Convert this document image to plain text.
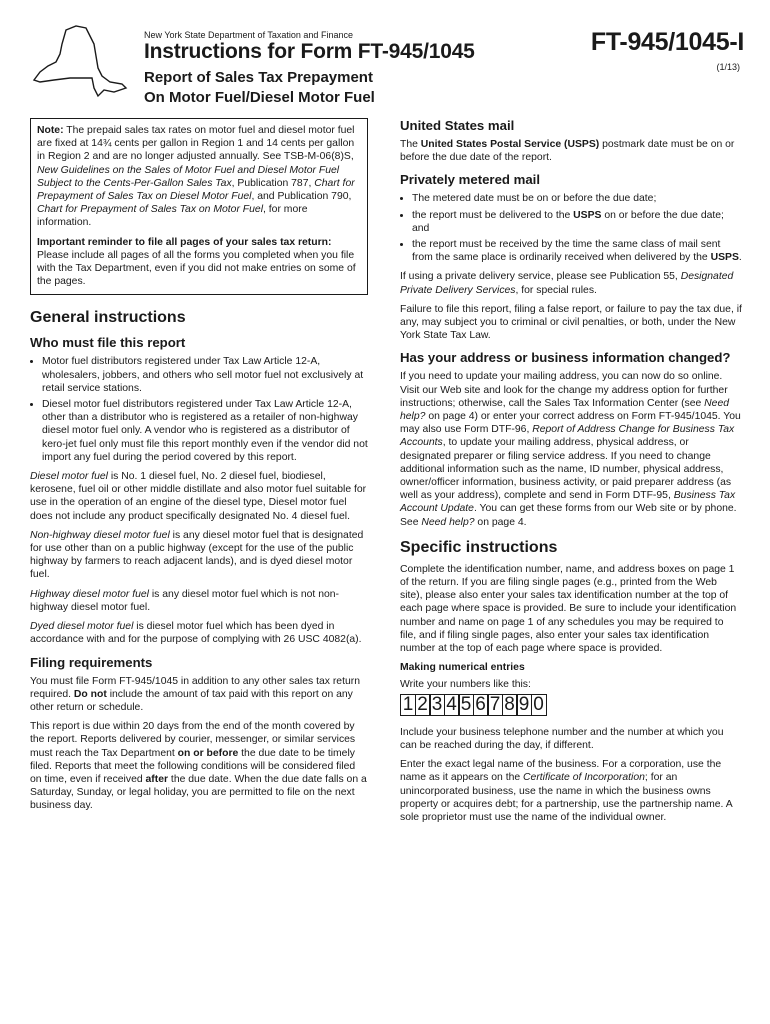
New York State Department of Taxation and Finance
Instructions for Form FT-945/1045
Report of Sales Tax Prepayment
On Motor Fuel/Diesel Motor Fuel
FT-945/1045-I
(1/13)

Note: The prepaid sales tax rates on motor fuel and diesel motor fuel are fixed at 14¾ cents per gallon in Region 1 and 14 cents per gallon in Region 2 and are no longer adjusted annually. See TSB-M-06(8)S, New Guidelines on the Sales of Motor Fuel and Diesel Motor Fuel Subject to the Cents-Per-Gallon Sales Tax, Publication 787, Chart for Prepayment of Sales Tax on Diesel Motor Fuel, and Publication 790, Chart for Prepayment of Sales Tax on Motor Fuel, for more information.

Important reminder to file all pages of your sales tax return: Please include all pages of all the forms you completed when you file with the Tax Department, even if you did not make entries on some of the pages.

General instructions
Who must file this report
• Motor fuel distributors registered under Tax Law Article 12-A, wholesalers, jobbers, and others who sell motor fuel not exclusively at retail service stations.
• Diesel motor fuel distributors registered under Tax Law Article 12-A, other than a distributor who is registered as a retailer of non-highway diesel motor fuel only. A vendor who is registered as a distributor of kero-jet fuel only must file this report monthly even if the vendor did not import any fuel during the period covered by this report.

Diesel motor fuel is No. 1 diesel fuel, No. 2 diesel fuel, biodiesel, kerosene, fuel oil or other middle distillate and also motor fuel suitable for use in the operation of an engine of the diesel type, Diesel motor fuel does not include any product specifically designated No. 4 diesel fuel.

Non-highway diesel motor fuel is any diesel motor fuel that is designated for use other than on a public highway (except for the use of the public highway by farmers to reach adjacent lands), and is dyed diesel motor fuel.

Highway diesel motor fuel is any diesel motor fuel which is not non-highway diesel motor fuel.

Dyed diesel motor fuel is diesel motor fuel which has been dyed in accordance with and for the purpose of complying with 26 USC 4082(a).

Filing requirements

You must file Form FT-945/1045 in addition to any other sales tax return required. Do not include the amount of tax paid with this report on any other return or schedule.

This report is due within 20 days from the end of the month covered by the report. Reports delivered by courier, messenger, or similar services must reach the Tax Department on or before the due date to be timely filed. Reports that meet the following conditions will be considered filed on time, even if received after the due date. When the due date falls on a Saturday, Sunday, or legal holiday, you are permitted to file on the next business day.

United States mail

The United States Postal Service (USPS) postmark date must be on or before the due date of the report.

Privately metered mail
• The metered date must be on or before the due date;
• the report must be delivered to the USPS on or before the due date; and
• the report must be received by the time the same class of mail sent from the same place is ordinarily received when delivered by the USPS.

If using a private delivery service, please see Publication 55, Designated Private Delivery Services, for special rules.

Failure to file this report, filing a false report, or failure to pay the tax due, if any, may subject you to criminal or civil penalties, or both, under the New York State Tax Law.

Has your address or business information changed?

If you need to update your mailing address, you can now do so online. Visit our Web site and look for the change my address option for further instructions; otherwise, call the Sales Tax Information Center (see Need help? on page 4) or enter your correct address on Form FT-945/1045. You may also use Form DTF-96, Report of Address Change for Business Tax Accounts, to update your mailing address, physical address, or designated preparer or filing service address. If you need to change additional information such as the name, ID number, physical address, owner/officer information, business activity, or paid preparer address (as well as your address), complete and send in Form DTF-95, Business Tax Account Update. You can get these forms from our Web site or by phone. See Need help? on page 4.

Specific instructions

Complete the identification number, name, and address boxes on page 1 of the return. If you are filing single pages (e.g., printed from the Web site), please also enter your sales tax identification number at the top of each page where space is provided. Be sure to include your identification number and name on page 1 of any schedules you may be required to file, and if filing single pages, also enter your sales tax identification number at the top of each page where space is provided.

Making numerical entries

Write your numbers like this:

1 2 3 4 5 6 7 8 9 0

Include your business telephone number and the number at which you can be reached during the day, if different.

Enter the exact legal name of the business. For a corporation, use the name as it appears on the Certificate of Incorporation; for an unincorporated business, use the name in which the business owns property or acquires debt; for a partnership, use the partnership name. A sole proprietor must use the name of the individual owner.
